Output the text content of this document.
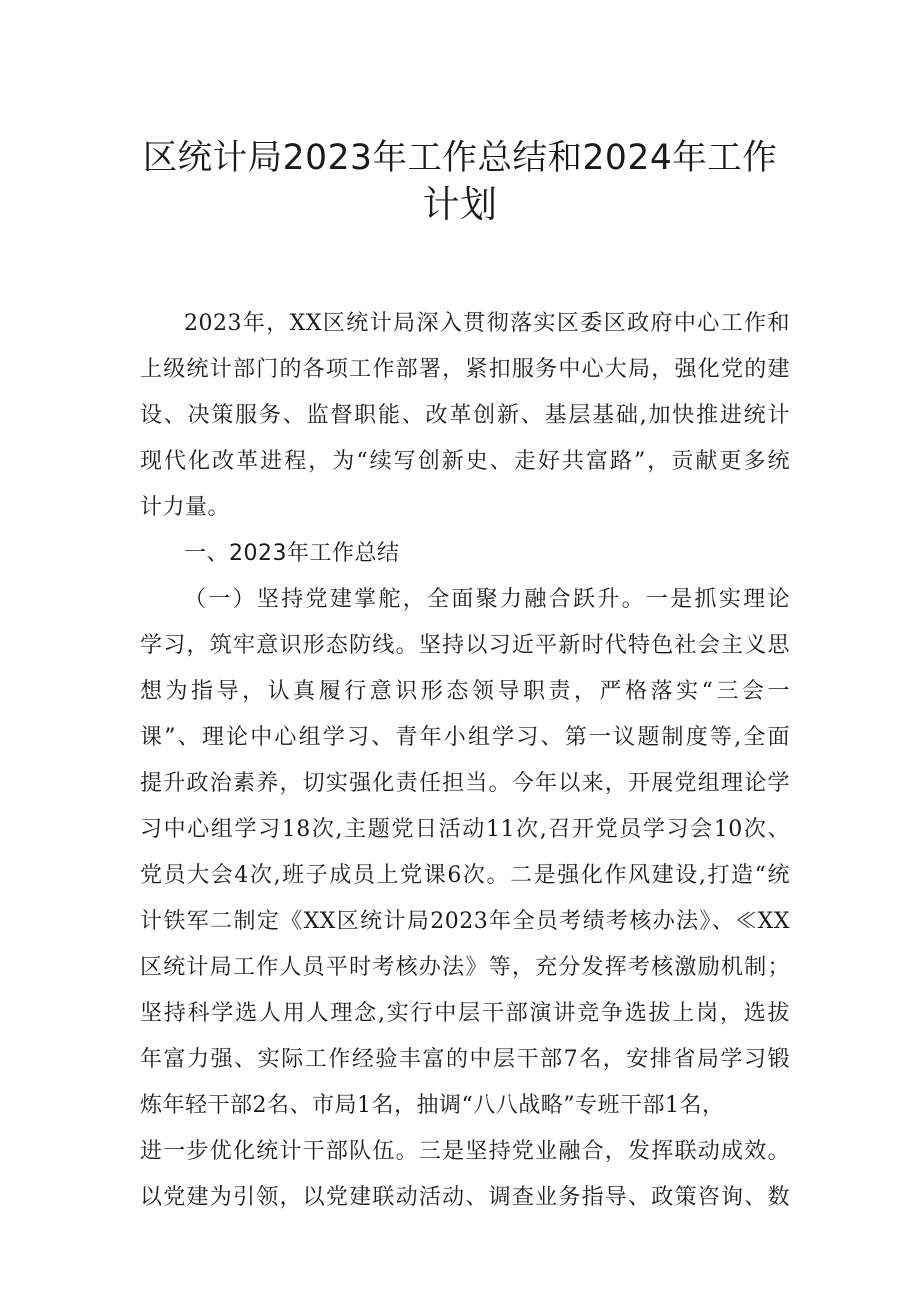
区统计局2023年工作总结和2024年工作
计划
2023年，XX区统计局深入贯彻落实区委区政府中心工作和
上级统计部门的各项工作部署，紧扣服务中心大局，强化党的建
设、决策服务、监督职能、改革创新、基层基础,加快推进统计
现代化改革进程，为“续写创新史、走好共富路”，贡献更多统
计力量。
一、2023年工作总结
（一）坚持党建掌舵，全面聚力融合跃升。一是抓实理论
学习，筑牢意识形态防线。坚持以习近平新时代特色社会主义思
想为指导，认真履行意识形态领导职责，严格落实“三会一
课”、理论中心组学习、青年小组学习、第一议题制度等,全面
提升政治素养，切实强化责任担当。今年以来，开展党组理论学
习中心组学习18次,主题党日活动11次,召开党员学习会10次、
党员大会4次,班子成员上党课6次。二是强化作风建设,打造“统
计铁军二制定《XX区统计局2023年全员考绩考核办法》、≪XX
区统计局工作人员平时考核办法》等，充分发挥考核激励机制；
坚持科学选人用人理念,实行中层干部演讲竞争选拔上岗，选拔
年富力强、实际工作经验丰富的中层干部7名，安排省局学习锻
炼年轻干部2名、市局1名，抽调“八八战略”专班干部1名，
进一步优化统计干部队伍。三是坚持党业融合，发挥联动成效。
以党建为引领，以党建联动活动、调查业务指导、政策咨询、数
